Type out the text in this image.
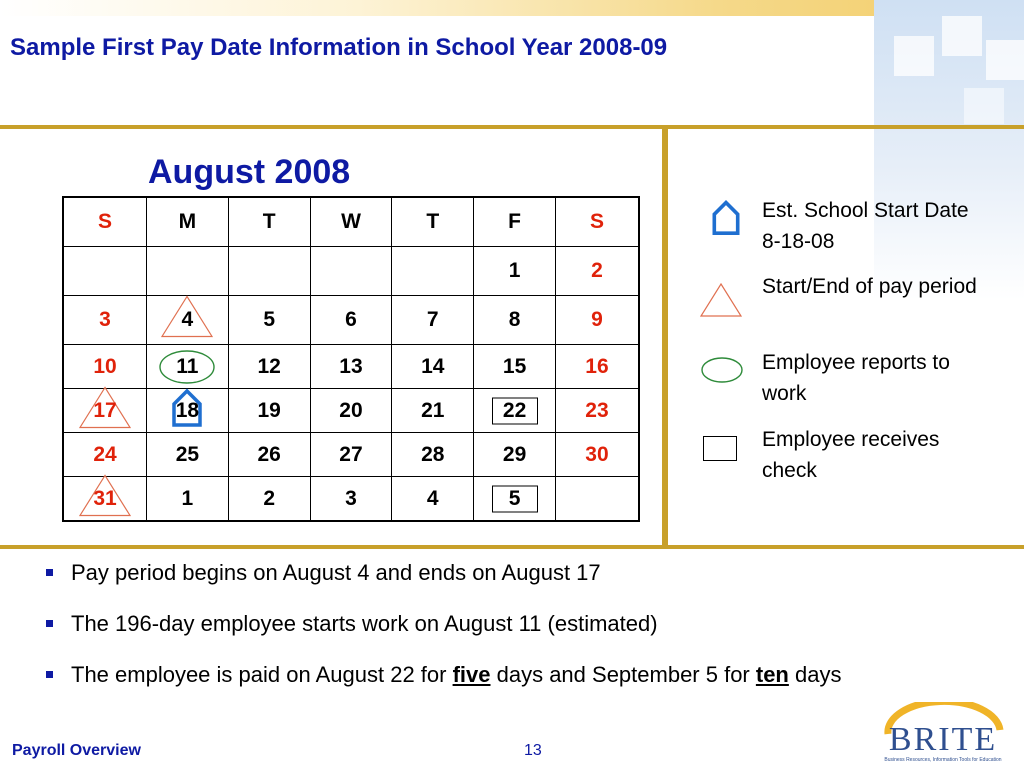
Sample First Pay Date Information in School Year 2008-09
August 2008
S	M	T	W	T	F	S
					1	2
3	4	5	6	7	8	9
10	11	12	13	14	15	16

17	18	19	20	21	22	23
24	25	26	27	28	29	30

31	1	2	3	4	5	
Est. School Start Date 8-18-08
Start/End of pay period
Employee reports to work
Employee receives check
Pay period begins on August 4 and ends on August 17
The 196-day employee starts work on August 11 (estimated)
The employee is paid on August 22 for five days and September 5 for ten days
Payroll Overview	13	BRITE
Business Resources, Information Tools for Education
